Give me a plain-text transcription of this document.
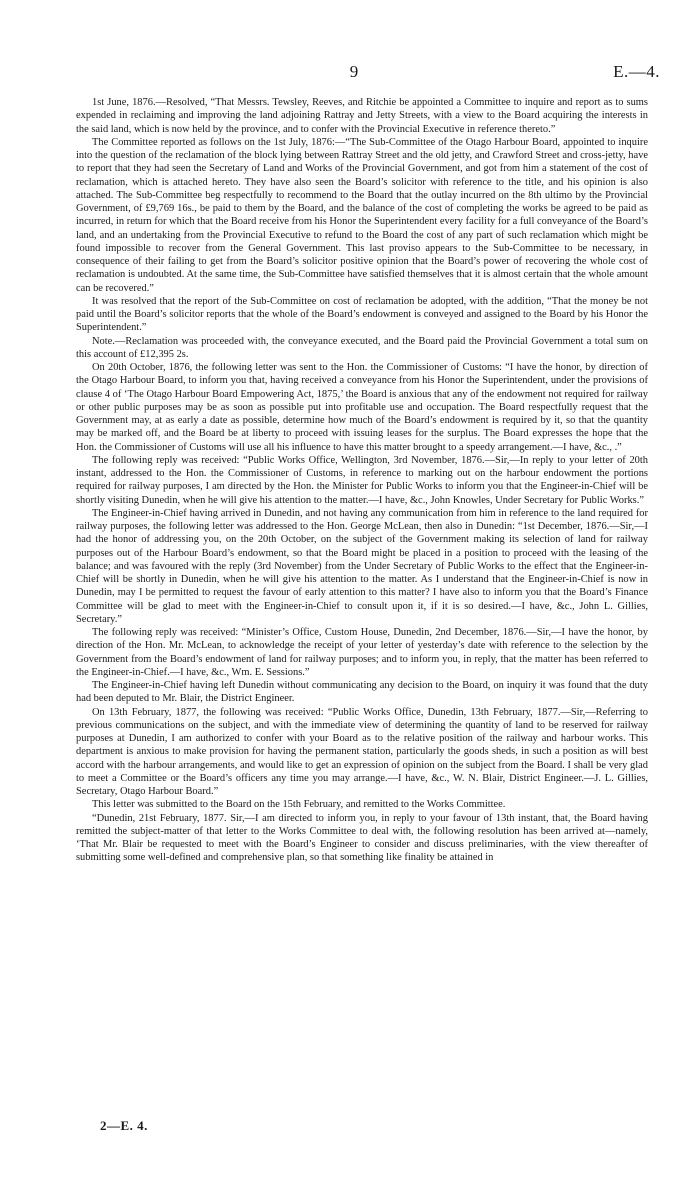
9	E.—4.

1st June, 1876.—Resolved, “That Messrs. Tewsley, Reeves, and Ritchie be appointed a Committee to inquire and report as to sums expended in reclaiming and improving the land adjoining Rattray and Jetty Streets, with a view to the Board acquiring the interests in the said land, which is now held by the province, and to confer with the Provincial Executive in reference thereto.”

The Committee reported as follows on the 1st July, 1876:—“The Sub-Committee of the Otago Harbour Board, appointed to inquire into the question of the reclamation of the block lying between Rattray Street and the old jetty, and Crawford Street and cross-jetty, have to report that they had seen the Secretary of Land and Works of the Provincial Government, and got from him a statement of the cost of reclamation, which is attached hereto. They have also seen the Board’s solicitor with reference to the title, and his opinion is also attached. The Sub-Committee beg respectfully to recommend to the Board that the outlay incurred on the 8th ultimo by the Provincial Government, of £9,769 16s., be paid to them by the Board, and the balance of the cost of completing the works be agreed to be paid as incurred, in return for which that the Board receive from his Honor the Superintendent every facility for a full conveyance of the Board’s land, and an undertaking from the Provincial Executive to refund to the Board the cost of any part of such reclamation which might be found impossible to recover from the General Government. This last proviso appears to the Sub-Committee to be necessary, in consequence of their failing to get from the Board’s solicitor positive opinion that the Board’s power of recovering the whole cost of reclamation is undoubted. At the same time, the Sub-Committee have satisfied themselves that it is almost certain that the whole amount can be recovered.”

It was resolved that the report of the Sub-Committee on cost of reclamation be adopted, with the addition, “That the money be not paid until the Board’s solicitor reports that the whole of the Board’s endowment is conveyed and assigned to the Board by his Honor the Superintendent.”

Note.—Reclamation was proceeded with, the conveyance executed, and the Board paid the Provincial Government a total sum on this account of £12,395 2s.

On 20th October, 1876, the following letter was sent to the Hon. the Commissioner of Customs: “I have the honor, by direction of the Otago Harbour Board, to inform you that, having received a conveyance from his Honor the Superintendent, under the provisions of clause 4 of ‘The Otago Harbour Board Empowering Act, 1875,’ the Board is anxious that any of the endowment not required for railway or other public purposes may be as soon as possible put into profitable use and occupation. The Board respectfully request that the Government may, at as early a date as possible, determine how much of the Board’s endowment is required by it, so that the quantity may be marked off, and the Board be at liberty to proceed with issuing leases for the surplus. The Board expresses the hope that the Hon. the Commissioner of Customs will use all his influence to have this matter brought to a speedy arrangement.—I have, &c., .”

The following reply was received: “Public Works Office, Wellington, 3rd November, 1876.—Sir,—In reply to your letter of 20th instant, addressed to the Hon. the Commissioner of Customs, in reference to marking out on the harbour endowment the portions required for railway purposes, I am directed by the Hon. the Minister for Public Works to inform you that the Engineer-in-Chief will be shortly visiting Dunedin, when he will give his attention to the matter.—I have, &c., John Knowles, Under Secretary for Public Works.”

The Engineer-in-Chief having arrived in Dunedin, and not having any communication from him in reference to the land required for railway purposes, the following letter was addressed to the Hon. George McLean, then also in Dunedin: “1st December, 1876.—Sir,—I had the honor of addressing you, on the 20th October, on the subject of the Government making its selection of land for railway purposes out of the Harbour Board’s endowment, so that the Board might be placed in a position to proceed with the leasing of the balance; and was favoured with the reply (3rd November) from the Under Secretary of Public Works to the effect that the Engineer-in-Chief will be shortly in Dunedin, when he will give his attention to the matter. As I understand that the Engineer-in-Chief is now in Dunedin, may I be permitted to request the favour of early attention to this matter? I have also to inform you that the Board’s Finance Committee will be glad to meet with the Engineer-in-Chief to consult upon it, if it is so desired.—I have, &c., John L. Gillies, Secretary.”

The following reply was received: “Minister’s Office, Custom House, Dunedin, 2nd December, 1876.—Sir,—I have the honor, by direction of the Hon. Mr. McLean, to acknowledge the receipt of your letter of yesterday’s date with reference to the selection by the Government from the Board’s endowment of land for railway purposes; and to inform you, in reply, that the matter has been referred to the Engineer-in-Chief.—I have, &c., Wm. E. Sessions.”

The Engineer-in-Chief having left Dunedin without communicating any decision to the Board, on inquiry it was found that the duty had been deputed to Mr. Blair, the District Engineer.

On 13th February, 1877, the following was received: “Public Works Office, Dunedin, 13th February, 1877.—Sir,—Referring to previous communications on the subject, and with the immediate view of determining the quantity of land to be reserved for railway purposes at Dunedin, I am authorized to confer with your Board as to the relative position of the railway and harbour works. This department is anxious to make provision for having the permanent station, particularly the goods sheds, in such a position as will best accord with the harbour arrangements, and would like to get an expression of opinion on the subject from the Board. I shall be very glad to meet a Committee or the Board’s officers any time you may arrange.—I have, &c., W. N. Blair, District Engineer.—J. L. Gillies, Secretary, Otago Harbour Board.”

This letter was submitted to the Board on the 15th February, and remitted to the Works Committee.

“Dunedin, 21st February, 1877. Sir,—I am directed to inform you, in reply to your favour of 13th instant, that, the Board having remitted the subject-matter of that letter to the Works Committee to deal with, the following resolution has been arrived at—namely, ‘That Mr. Blair be requested to meet with the Board’s Engineer to consider and discuss preliminaries, with the view thereafter of submitting some well-defined and comprehensive plan, so that something like finality be attained in

2—E. 4.
